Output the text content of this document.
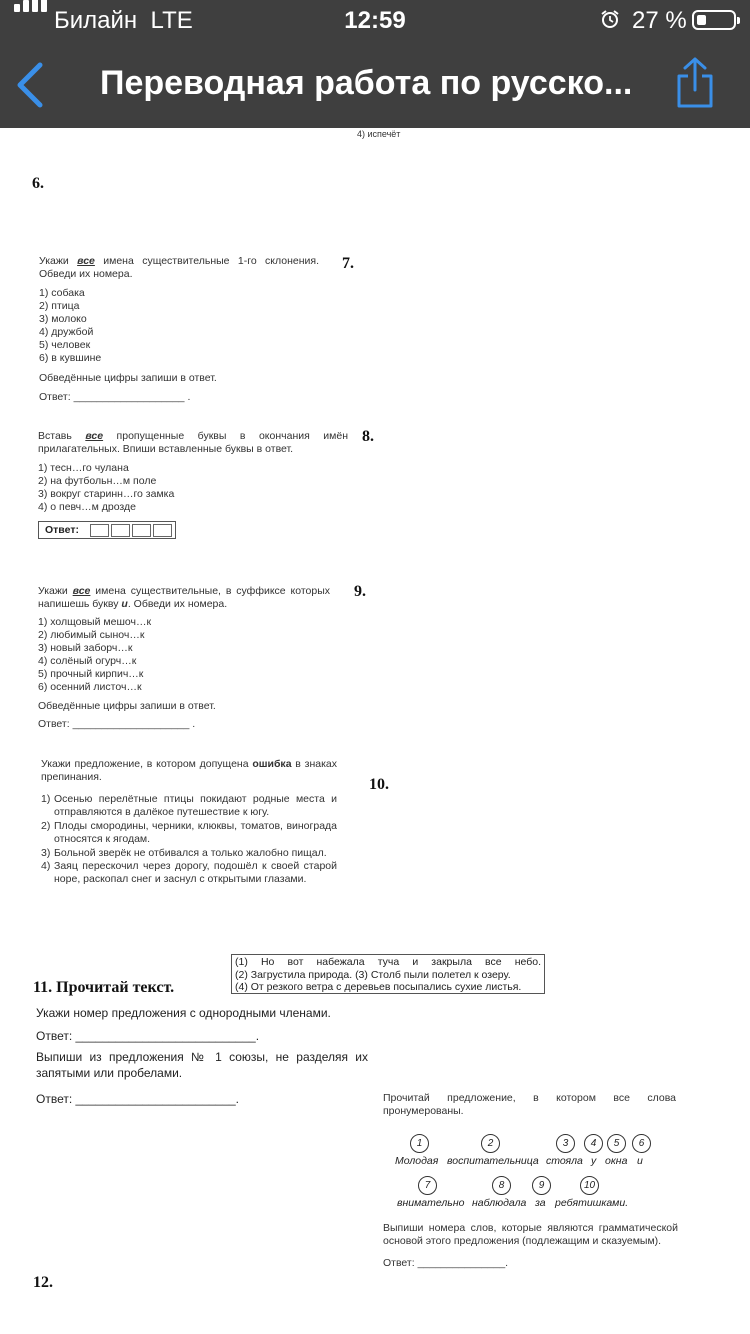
Билайн LTE	12:59	27 %
Переводная работа по русско...
4) испечёт
6.
Укажи все имена существительные 1-го склонения. Обведи их номера.
7.
1) собака
2) птица
3) молоко
4) дружбой
5) человек
6) в кувшине
Обведённые цифры запиши в ответ.
Ответ: ___________________ .
Вставь все пропущенные буквы в окончания имён прилагательных. Впиши вставленные буквы в ответ.
8.
1) тесн…го чулана
2) на футбольн…м поле
3) вокруг старинн…го замка
4) о певч…м дрозде
Ответ:
Укажи все имена существительные, в суффиксе которых напишешь букву и. Обведи их номера.
9.
1) холщовый мешоч…к
2) любимый сыноч…к
3) новый заборч…к
4) солёный огурч…к
5) прочный кирпич…к
6) осенний листоч…к
Обведённые цифры запиши в ответ.
Ответ: ____________________ .
Укажи предложение, в котором допущена ошибка в знаках препинания.	10.
1) Осенью перелётные птицы покидают родные места и отправляются в далёкое путешествие к югу.
2) Плоды смородины, черники, клюквы, томатов, винограда относятся к ягодам.
3) Больной зверёк не отбивался а только жалобно пищал.
4) Заяц перескочил через дорогу, подошёл к своей старой норе, раскопал снег и заснул с открытыми глазами.
(1) Но вот набежала туча и закрыла все небо.
(2) Загрустила природа. (3) Столб пыли полетел к озеру.
(4) От резкого ветра с деревьев посыпались сухие листья.
11. Прочитай текст.
Укажи номер предложения с однородными членами.
Ответ: ___________________________.
Выпиши из предложения № 1 союзы, не разделяя их запятыми или пробелами.
Ответ: ________________________.	Прочитай предложение, в котором все слова пронумерованы.
1
Молодая
2
воспитательница
3
стояла
4
у
5
окна
6
и
7
внимательно
8
наблюдала
9
за
10
ребятишками.
Выпиши номера слов, которые являются грамматической основой этого предложения (подлежащим и сказуемым).
Ответ: _______________.
12.
